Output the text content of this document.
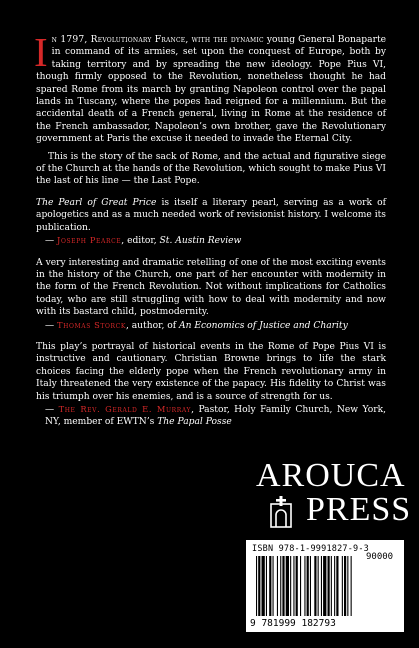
In 1797, Revolutionary France, with the dynamic young General Bonaparte in command of its armies, set upon the conquest of Europe, both by taking territory and by spreading the new ideology. Pope Pius VI, though firmly opposed to the Revolution, nonetheless thought he had spared Rome from its march by granting Napoleon control over the papal lands in Tuscany, where the popes had reigned for a millennium. But the accidental death of a French general, living in Rome at the residence of the French ambassador, Napoleon’s own brother, gave the Revolutionary government at Paris the excuse it needed to invade the Eternal City.

This is the story of the sack of Rome, and the actual and figurative siege of the Church at the hands of the Revolution, which sought to make Pius VI the last of his line — the Last Pope.

The Pearl of Great Price is itself a literary pearl, serving as a work of apologetics and as a much needed work of revisionist history. I welcome its publication.

— Joseph Pearce, editor, St. Austin Review

A very interesting and dramatic retelling of one of the most exciting events in the history of the Church, one part of her encounter with modernity in the form of the French Revolution. Not without implications for Catholics today, who are still struggling with how to deal with modernity and now with its bastard child, postmodernity.

— Thomas Storck, author, of An Economics of Justice and Charity

This play’s portrayal of historical events in the Rome of Pope Pius VI is instructive and cautionary. Christian Browne brings to life the stark choices facing the elderly pope when the French revolutionary army in Italy threatened the very existence of the papacy. His fidelity to Christ was his triumph over his enemies, and is a source of strength for us.

— The Rev. Gerald E. Murray, Pastor, Holy Family Church, New York, NY, member of EWTN’s The Papal Posse

AROUCA
PRESS
ISBN 978-1-9991827-9-3
90000
9 781999 182793
